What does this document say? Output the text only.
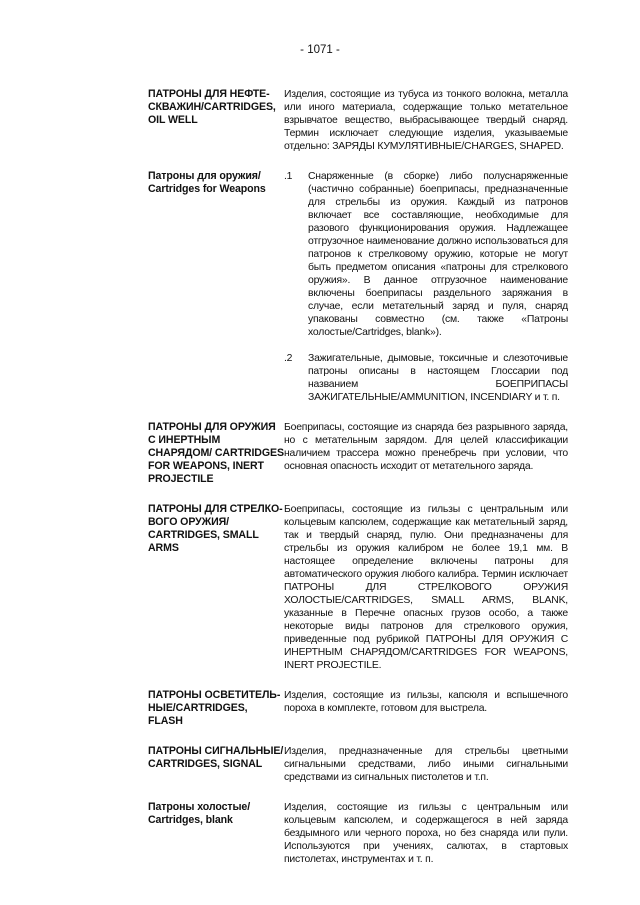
- 1071 -
ПАТРОНЫ ДЛЯ НЕФТЕ-СКВАЖИН/CARTRIDGES, OIL WELL
Изделия, состоящие из тубуса из тонкого волокна, металла или иного материала, содержащие только метательное взрывчатое вещество, выбрасывающее твердый снаряд. Термин исключает следующие изделия, указываемые отдельно: ЗАРЯДЫ КУМУЛЯТИВНЫЕ/CHARGES, SHAPED.
Патроны для оружия/ Cartridges for Weapons
.1	Снаряженные (в сборке) либо полуснаряженные (частично собранные) боеприпасы, предназначенные для стрельбы из оружия. Каждый из патронов включает все составляющие, необходимые для разового функционирования оружия. Надлежащее отгрузочное наименование должно использоваться для патронов к стрелковому оружию, которые не могут быть предметом описания «патроны для стрелкового оружия». В данное отгрузочное наименование включены боеприпасы раздельного заряжания в случае, если метательный заряд и пуля, снаряд упакованы совместно (см. также «Патроны холостые/Cartridges, blank»).
.2	Зажигательные, дымовые, токсичные и слезоточивые патроны описаны в настоящем Глоссарии под названием БОЕПРИПАСЫ ЗАЖИГАТЕЛЬНЫЕ/AMMUNITION, INCENDIARY и т. п.
ПАТРОНЫ ДЛЯ ОРУЖИЯ С ИНЕРТНЫМ СНАРЯДОМ/ CARTRIDGES FOR WEAPONS, INERT PROJECTILE
Боеприпасы, состоящие из снаряда без разрывного заряда, но с метательным зарядом. Для целей классификации наличием трассера можно пренебречь при условии, что основная опасность исходит от метательного заряда.
ПАТРОНЫ ДЛЯ СТРЕЛКО-ВОГО ОРУЖИЯ/ CARTRIDGES, SMALL ARMS
Боеприпасы, состоящие из гильзы с центральным или кольцевым капсюлем, содержащие как метательный заряд, так и твердый снаряд, пулю. Они предназначены для стрельбы из оружия калибром не более 19,1 мм. В настоящее определение включены патроны для автоматического оружия любого калибра. Термин исключает ПАТРОНЫ ДЛЯ СТРЕЛКОВОГО ОРУЖИЯ ХОЛОСТЫЕ/CARTRIDGES, SMALL ARMS, BLANK, указанные в Перечне опасных грузов особо, а также некоторые виды патронов для стрелкового оружия, приведенные под рубрикой ПАТРОНЫ ДЛЯ ОРУЖИЯ С ИНЕРТНЫМ СНАРЯДОМ/CARTRIDGES FOR WEAPONS, INERT PROJECTILE.
ПАТРОНЫ ОСВЕТИТЕЛЬ-НЫЕ/CARTRIDGES, FLASH
Изделия, состоящие из гильзы, капсюля и вспышечного пороха в комплекте, готовом для выстрела.
ПАТРОНЫ СИГНАЛЬНЫЕ/ CARTRIDGES, SIGNAL
Изделия, предназначенные для стрельбы цветными сигнальными средствами, либо иными сигнальными средствами из сигнальных пистолетов и т.п.
Патроны холостые/ Cartridges, blank
Изделия, состоящие из гильзы с центральным или кольцевым капсюлем, и содержащегося в ней заряда бездымного или черного пороха, но без снаряда или пули. Используются при учениях, салютах, в стартовых пистолетах, инструментах и т. п.
